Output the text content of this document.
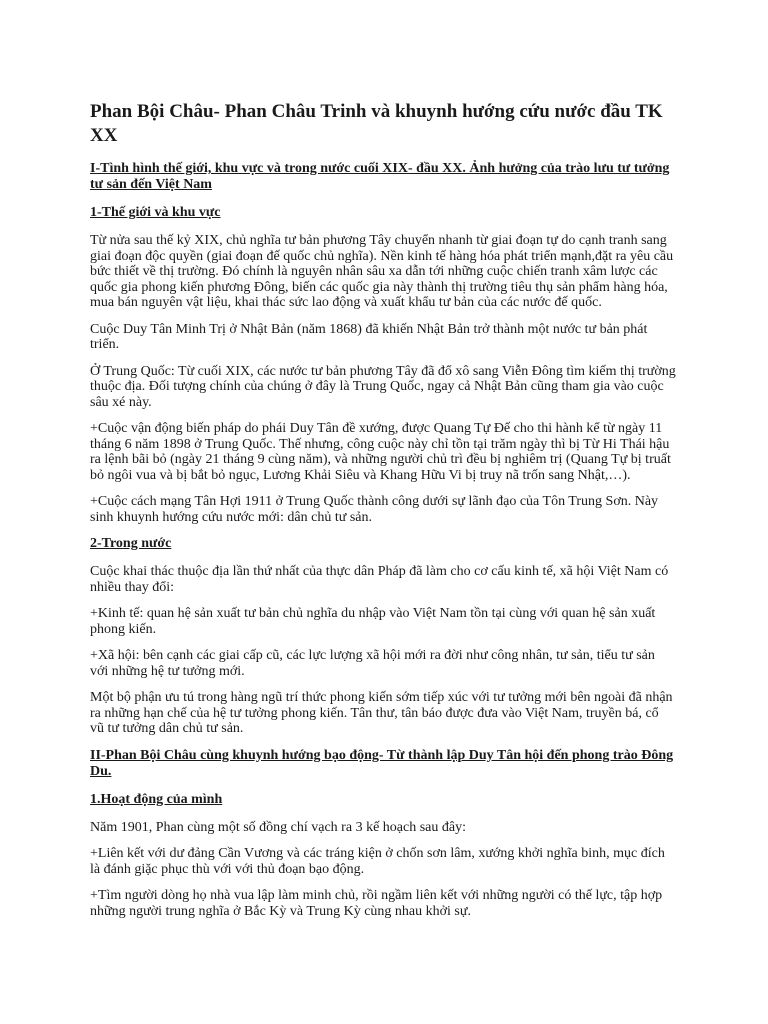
Phan Bội Châu- Phan Châu Trinh và khuynh hướng cứu nước đầu TK XX
I-Tình hình thế giới, khu vực và trong nước cuối XIX- đầu XX. Ảnh hưởng của trào lưu tư tưởng tư sản đến Việt Nam
1-Thế giới và khu vực

Từ nửa sau thế kỷ XIX, chủ nghĩa tư bản phương Tây chuyển nhanh từ giai đoạn tự do cạnh tranh sang giai đoạn độc quyền (giai đoạn đế quốc chủ nghĩa). Nền kinh tế hàng hóa phát triển mạnh,đặt ra yêu cầu bức thiết về thị trường. Đó chính là nguyên nhân sâu xa dẫn tới những cuộc chiến tranh xâm lược các quốc gia phong kiến phương Đông, biến các quốc gia này thành thị trường tiêu thụ sản phẩm hàng hóa, mua bán nguyên vật liệu, khai thác sức lao động và xuất khẩu tư bản của các nước đế quốc.

Cuộc Duy Tân Minh Trị ở Nhật Bản (năm 1868) đã khiến Nhật Bản trở thành một nước tư bản phát triển.

Ở Trung Quốc: Từ cuối XIX, các nước tư bản phương Tây đã đổ xô sang Viễn Đông tìm kiếm thị trường thuộc địa. Đối tượng chính của chúng ở đây là Trung Quốc, ngay cả Nhật Bản cũng tham gia vào cuộc sâu xé này.

+Cuộc vận động biến pháp do phái Duy Tân đề xướng, được Quang Tự Đế cho thi hành kể từ ngày 11 tháng 6 năm 1898 ở Trung Quốc. Thế nhưng, công cuộc này chỉ tồn tại trăm ngày thì bị Từ Hi Thái hậu ra lệnh bãi bỏ (ngày 21 tháng 9 cùng năm), và những người chủ trì đều bị nghiêm trị (Quang Tự bị truất bỏ ngôi vua và bị bắt bỏ ngục, Lương Khải Siêu và Khang Hữu Vi bị truy nã trốn sang Nhật,…).

+Cuộc cách mạng Tân Hợi 1911 ở Trung Quốc thành công dưới sự lãnh đạo của Tôn Trung Sơn. Này sinh khuynh hướng cứu nước mới: dân chủ tư sản.

2-Trong nước

Cuộc khai thác thuộc địa lần thứ nhất của thực dân Pháp đã làm cho cơ cấu kinh tế, xã hội Việt Nam có nhiều thay đổi:

+Kinh tế: quan hệ sản xuất tư bản chủ nghĩa du nhập vào Việt Nam tồn tại cùng với quan hệ sản xuất phong kiến.

+Xã hội: bên cạnh các giai cấp cũ, các lực lượng xã hội mới ra đời như công nhân, tư sản, tiểu tư sản với những hệ tư tưởng mới.

Một bộ phận ưu tú trong hàng ngũ trí thức phong kiến sớm tiếp xúc với tư tưởng mới bên ngoài đã nhận ra những hạn chế của hệ tư tưởng phong kiến. Tân thư, tân báo được đưa vào Việt Nam, truyền bá, cổ vũ tư tưởng dân chủ tư sản.

II-Phan Bội Châu cùng khuynh hướng bạo động- Từ thành lập Duy Tân hội đến phong trào Đông Du.
1.Hoạt động của mình

Năm 1901, Phan cùng một số đồng chí vạch ra 3 kế hoạch sau đây:

+Liên kết với dư đảng Cần Vương và các tráng kiện ở chốn sơn lâm, xướng khởi nghĩa binh, mục đích là đánh giặc phục thù với với thủ đoạn bạo động.

+Tìm người dòng họ nhà vua lập làm minh chủ, rồi ngầm liên kết với những người có thế lực, tập hợp những người trung nghĩa ở Bắc Kỳ và Trung Kỳ cùng nhau khởi sự.
